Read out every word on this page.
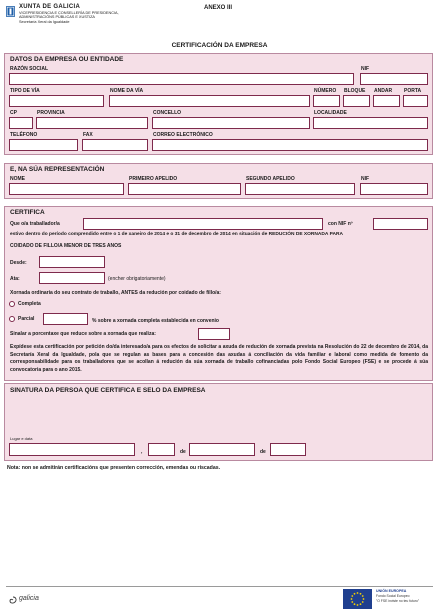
XUNTA DE GALICIA
VICEPRESIDENCIA E CONSELLERÍA DE PRESIDENCIA,
ADMINISTRACIÓNS PÚBLICAS E XUSTIZA
Secretaría Xeral da Igualdade
ANEXO III
CERTIFICACIÓN DA EMPRESA
DATOS DA EMPRESA OU ENTIDADE
RAZÓN SOCIAL	NIF
TIPO DE VÍA	NOME DA VÍA	NÚMERO BLOQUE ANDAR PORTA
CP	PROVINCIA	CONCELLO	LOCALIDADE
TELÉFONO	FAX	CORREO ELECTRÓNICO
E, NA SÚA REPRESENTACIÓN
NOME	PRIMEIRO APELIDO	SEGUNDO APELIDO	NIF
CERTIFICA
Que o/a traballador/a	con NIF nº
estivo dentro do período comprendido entre o 1 de xaneiro de 2014 e o 31 de decembro de 2014 en situación de REDUCIÓN DE XORNADA PARA
COIDADO DE FILLO/A MENOR DE TRES ANOS
Desde:
Ata:	(encher obrigatoriamente)
Xornada ordinaria do seu contrato de traballo, ANTES da redución por coidado de fillo/a:
Completa
Parcial	% sobre a xornada completa establecida en convenio
Sinalar a porcentaxe que reduce sobre a xornada que realiza:
Expídese esta certificación por petición do/da interesado/a para os efectos de solicitar a axuda de redución de xornada prevista na Resolución do 22 de decembro de 2014, da Secretaría Xeral da Igualdade, pola que se regulan as bases para a concesión das axudas á conciliación da vida familiar e laboral como medida de fomento da corresponsabilidade para os traballadores que se acollan á redución da súa xornada de traballo cofinanciadas polo Fondo Social Europeo (FSE) e se procede á súa convocatoria para o ano 2015.
SINATURA DA PERSOA QUE CERTIFICA E SELO DA EMPRESA
Lugar e data
,	de	de
Nota: non se admitirán certificacións que presenten corrección, emendas ou riscadas.
galicia
UNIÓN EUROPEA
Fondo Social Europeo
"O FSE inviste no teu futuro"
